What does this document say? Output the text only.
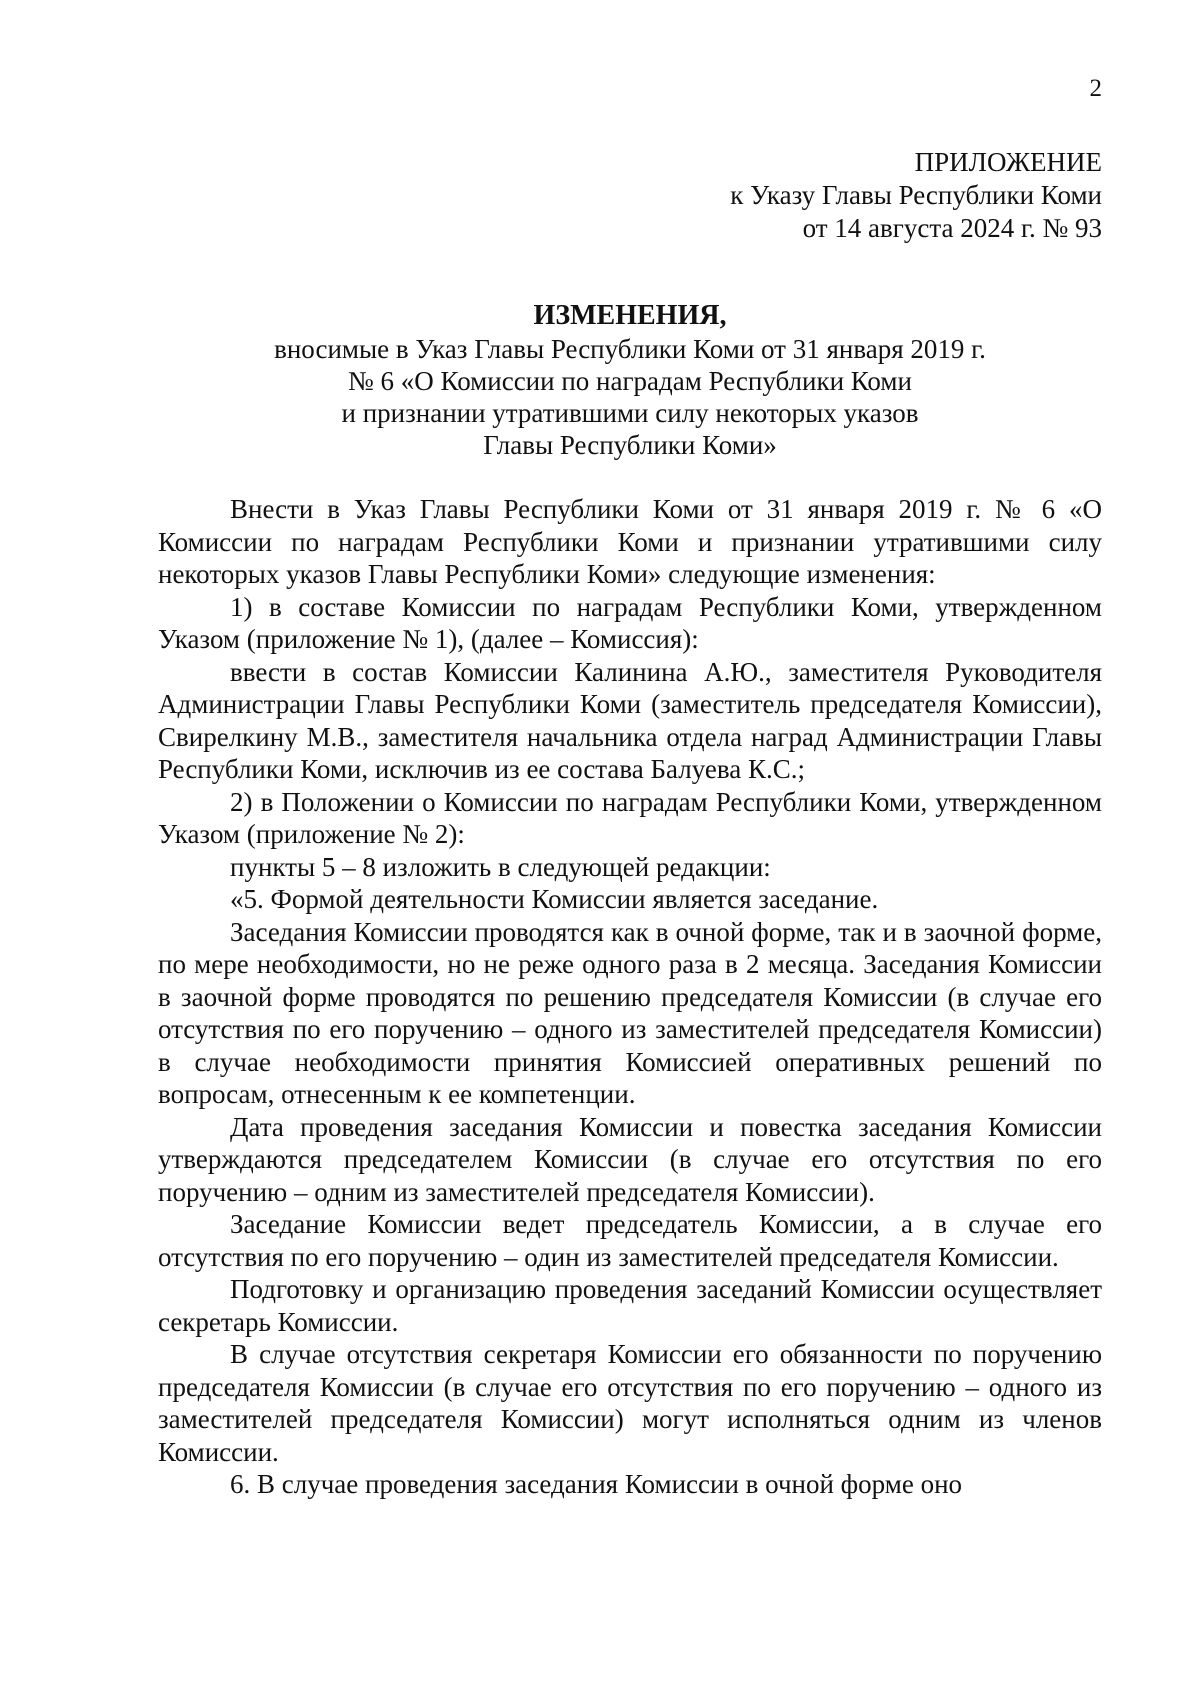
2
ПРИЛОЖЕНИЕ
к Указу Главы Республики Коми
от 14 августа 2024 г. № 93
ИЗМЕНЕНИЯ,
вносимые в Указ Главы Республики Коми от 31 января 2019 г.
№ 6 «О Комиссии по наградам Республики Коми
и признании утратившими силу некоторых указов
Главы Республики Коми»

Внести в Указ Главы Республики Коми от 31 января 2019 г. № 6 «О Комиссии по наградам Республики Коми и признании утратившими силу некоторых указов Главы Республики Коми» следующие изменения:

1) в составе Комиссии по наградам Республики Коми, утвержденном Указом (приложение № 1), (далее – Комиссия):

ввести в состав Комиссии Калинина А.Ю., заместителя Руководителя Администрации Главы Республики Коми (заместитель председателя Комиссии), Свирелкину М.В., заместителя начальника отдела наград Администрации Главы Республики Коми, исключив из ее состава Балуева К.С.;

2) в Положении о Комиссии по наградам Республики Коми, утвержденном Указом (приложение № 2):

пункты 5 – 8 изложить в следующей редакции:

«5. Формой деятельности Комиссии является заседание.

Заседания Комиссии проводятся как в очной форме, так и в заочной форме, по мере необходимости, но не реже одного раза в 2 месяца. Заседания Комиссии в заочной форме проводятся по решению председателя Комиссии (в случае его отсутствия по его поручению – одного из заместителей председателя Комиссии) в случае необходимости принятия Комиссией оперативных решений по вопросам, отнесенным к ее компетенции.

Дата проведения заседания Комиссии и повестка заседания Комиссии утверждаются председателем Комиссии (в случае его отсутствия по его поручению – одним из заместителей председателя Комиссии).

Заседание Комиссии ведет председатель Комиссии, а в случае его отсутствия по его поручению – один из заместителей председателя Комиссии.

Подготовку и организацию проведения заседаний Комиссии осуществляет секретарь Комиссии.

В случае отсутствия секретаря Комиссии его обязанности по поручению председателя Комиссии (в случае его отсутствия по его поручению – одного из заместителей председателя Комиссии) могут исполняться одним из членов Комиссии.

6. В случае проведения заседания Комиссии в очной форме оно
